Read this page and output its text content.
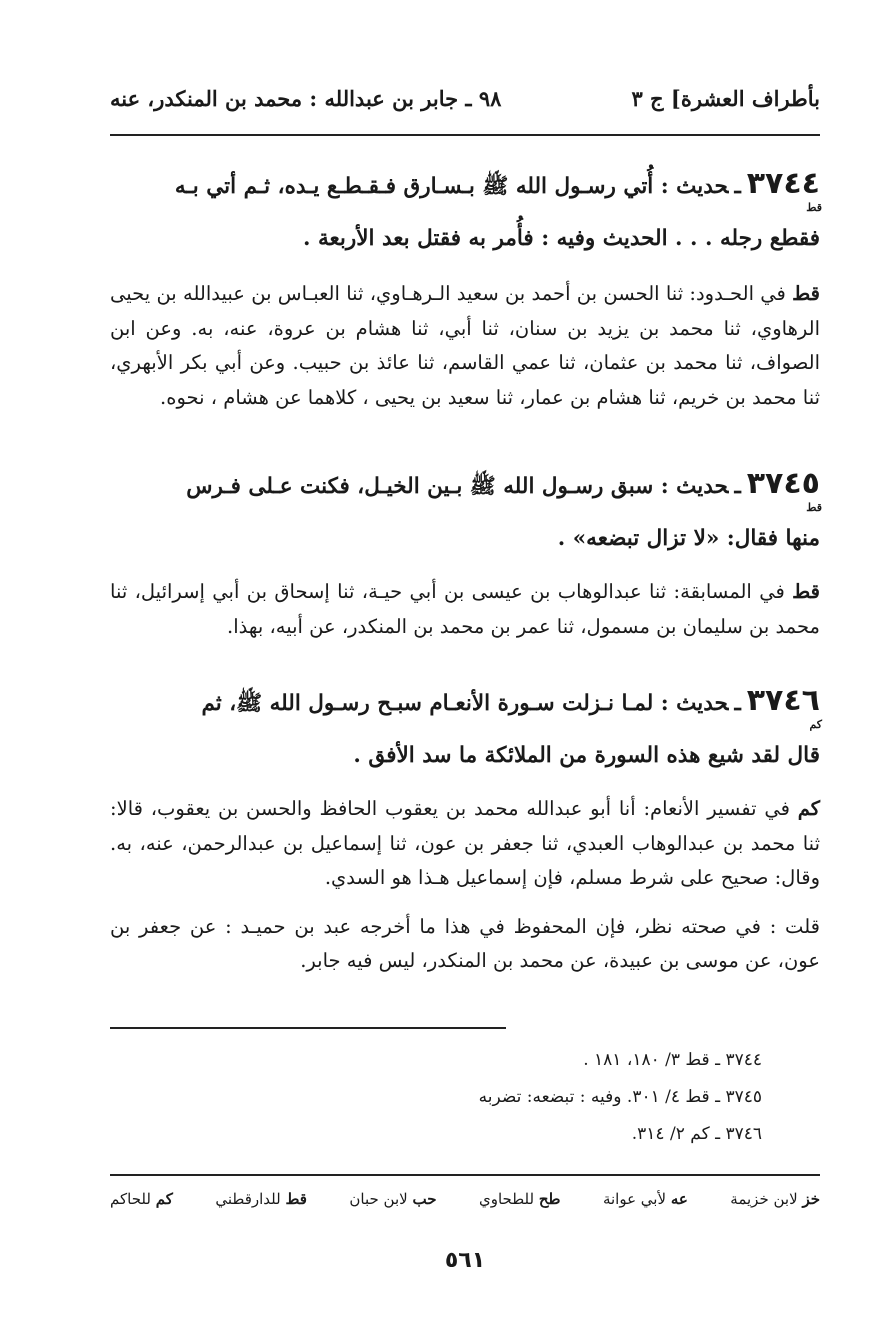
بأطراف العشرة] ج ٣
٩٨ ـ جابر بن عبدالله : محمد بن المنكدر، عنه

٣٧٤٤ـحديث : أُتي رسـول الله ﷺ بـسـارق فـقـطـع يـده، ثـم أتي بـه

قط
فقطع رجله . . . الحديث وفيه : فأُمر به فقتل بعد الأربعة .

قط في الحـدود: ثنا الحسن بن أحمد بن سعيد الـرهـاوي، ثنا العبـاس بن عبيدالله بن يحيى الرهاوي، ثنا محمد بن يزيد بن سنان، ثنا أبي، ثنا هشام بن عروة، عنه، به. وعن ابن الصواف، ثنا محمد بن عثمان، ثنا عمي القاسم، ثنا عائذ بن حبيب. وعن أبي بكر الأبهري، ثنا محمد بن خريم، ثنا هشام بن عمار، ثنا سعيد بن يحيى ، كلاهما عن هشام ، نحوه.

٣٧٤٥ـحديث : سبق رسـول الله ﷺ بـين الخيـل، فكنت عـلى فـرس

قط
منها فقال: «لا تزال تبضعه» .

قط في المسابقة: ثنا عبدالوهاب بن عيسى بن أبي حيـة، ثنا إسحاق بن أبي إسرائيل، ثنا محمد بن سليمان بن مسمول، ثنا عمر بن محمد بن المنكدر، عن أبيه، بهذا.

٣٧٤٦ـحديث : لمـا نـزلت سـورة الأنعـام سبـح رسـول الله ﷺ، ثم

كم
قال لقد شيع هذه السورة من الملائكة ما سد الأفق .

كم في تفسير الأنعام: أنا أبو عبدالله محمد بن يعقوب الحافظ والحسن بن يعقوب، قالا: ثنا محمد بن عبدالوهاب العبدي، ثنا جعفر بن عون، ثنا إسماعيل بن عبدالرحمن، عنه، به. وقال: صحيح على شرط مسلم، فإن إسماعيل هـذا هو السدي.

قلت : في صحته نظر، فإن المحفوظ في هذا ما أخرجه عبد بن حميـد : عن جعفر بن عون، عن موسى بن عبيدة، عن محمد بن المنكدر، ليس فيه جابر.

٣٧٤٤ ـ قط ٣/ ١٨٠، ١٨١ .
٣٧٤٥ ـ قط ٤/ ٣٠١. وفيه : تبضعه: تضربه
٣٧٤٦ ـ كم ٢/ ٣١٤.
خز لابن خزيمة
عه لأبي عوانة
طح للطحاوي
حب لابن حبان
قط للدارقطني
كم للحاكم
٥٦١
